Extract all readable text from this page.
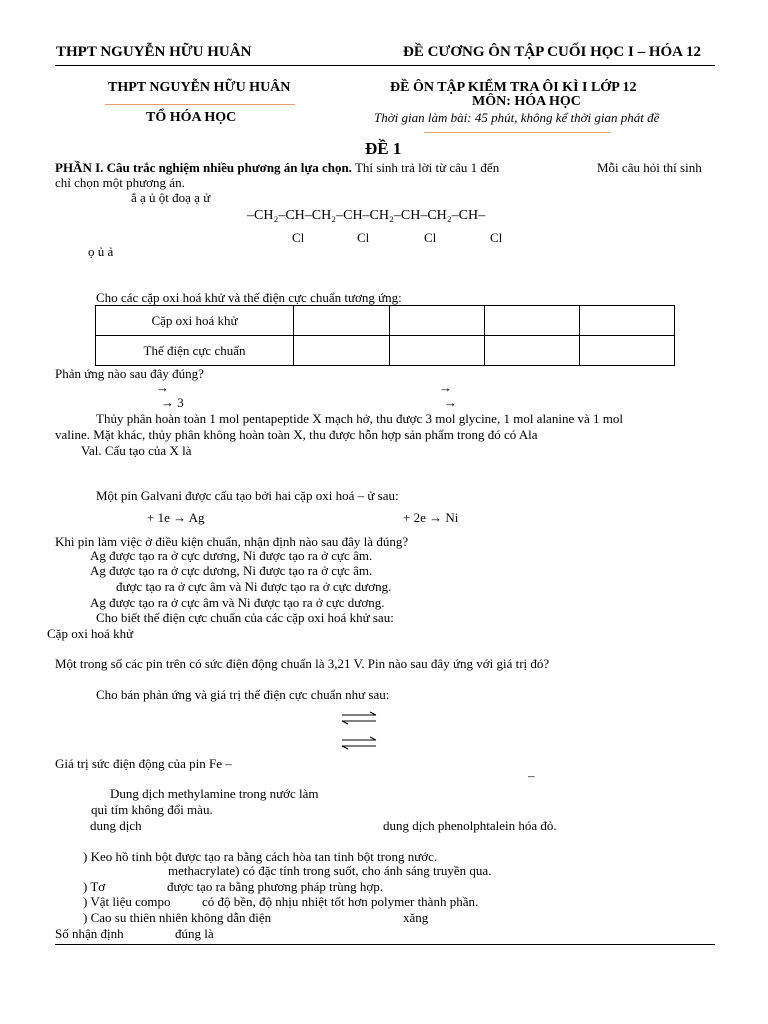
THPT NGUYỄN HỮU HUÂN	ĐỀ CƯƠNG ÔN TẬP CUỐI HỌC I – HÓA 12
THPT NGUYỄN HỮU HUÂN
TỔ HÓA HỌC
ĐỀ ÔN TẬP KIỂM TRA ÔI KÌ I LỚP 12
MÔN: HÓA HỌC
Thời gian làm bài: 45 phút, không kể thời gian phát đề
ĐỀ 1
PHẦN I. Câu trắc nghiệm nhiều phương án lựa chọn. Thí sinh trả lời từ câu 1 đến	Mỗi câu hỏi thí sinh
chỉ chọn một phương án.
ắ ạ ủ ột đoạ ạ ử
–CH₂–CH–CH₂–CH–CH₂–CH–CH₂–CH–
Cl	Cl	Cl	Cl
ọ ủ ả
Cho các cặp oxi hoá khử và thế điện cực chuẩn tương ứng:
Cặp oxi hoá khử				
Thế điện cực chuẩn				
Phản ứng nào sau đây đúng?
→	→
→ 3	→
Thủy phân hoàn toàn 1 mol pentapeptide X mạch hở, thu được 3 mol glycine, 1 mol alanine và 1 mol
valine. Mặt khác, thủy phân không hoàn toàn X, thu được hỗn hợp sản phẩm trong đó có Ala
Val. Cấu tạo của X là
Một pin Galvani được cấu tạo bởi hai cặp oxi hoá – ử sau:
+ 1e → Ag	+ 2e → Ni
Khi pin làm việc ở điều kiện chuẩn, nhận định nào sau đây là đúng?
Ag được tạo ra ở cực dương, Ni được tạo ra ở cực âm.
Ag được tạo ra ở cực dương, Ni được tạo ra ở cực âm.
được tạo ra ở cực âm và Ni được tạo ra ở cực dương.
Ag được tạo ra ở cực âm và Ni được tạo ra ở cực dương.
Cho biết thế điện cực chuẩn của các cặp oxi hoá khử sau:
Cặp oxi hoá khử
Một trong số các pin trên có sức điện động chuẩn là 3,21 V. Pin nào sau đây ứng với giá trị đó?
Cho bán phản ứng và giá trị thế điện cực chuẩn như sau:
Giá trị sức điện động của pin Fe –
–
Dung dịch methylamine trong nước làm
quì tím không đổi màu.
dung dịch	dung dịch phenolphtalein hóa đỏ.
) Keo hồ tinh bột được tạo ra bằng cách hòa tan tinh bột trong nước.
methacrylate) có đặc tính trong suốt, cho ánh sáng truyền qua.
) Tơ	được tạo ra bằng phương pháp trùng hợp.
) Vật liệu compo có độ bền, độ nhịu nhiệt tốt hơn polymer thành phần.
) Cao su thiên nhiên không dẫn điện	xăng
Số nhận định	đúng là
